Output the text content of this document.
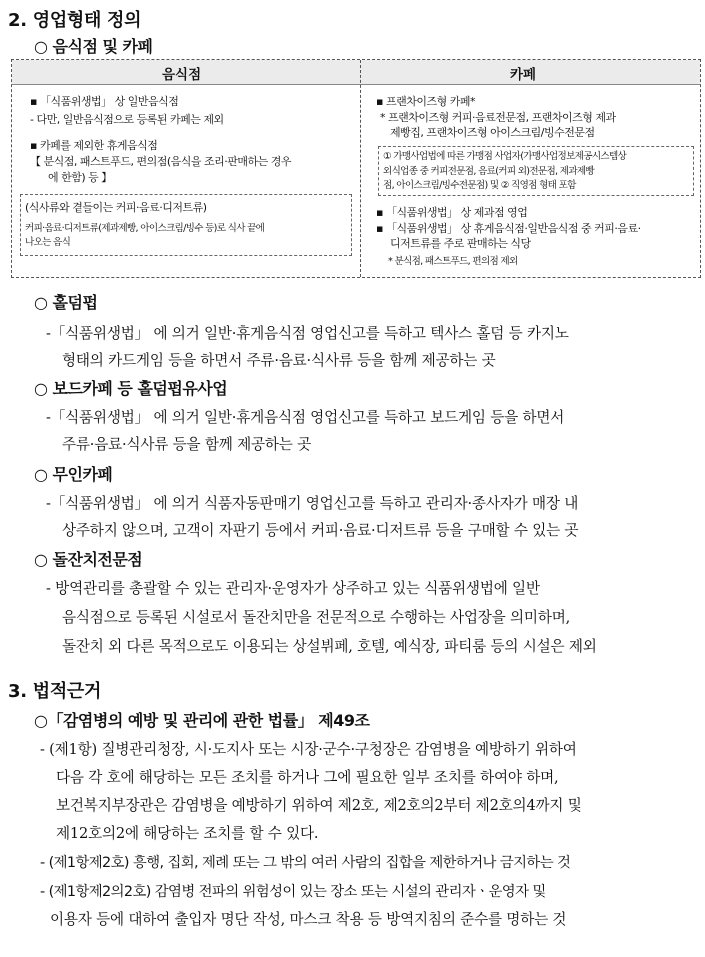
2. 영업형태 정의
○ 음식점 및 카페
음식점	카페
▪ 「식품위생법」 상 일반음식점
- 다만, 일반음식점으로 등록된 카페는 제외
▪ 카페를 제외한 휴게음식점
【 분식점, 패스트푸드, 편의점(음식을 조리·판매하는 경우
에 한함) 등 】
(식사류와 곁들이는 커피·음료·디저트류)
커피·음료·디저트류(제과제빵, 아이스크림/빙수 등)로 식사 끝에
나오는 음식
▪ 프랜차이즈형 카페*
* 프랜차이즈형 커피·음료전문점, 프랜차이즈형 제과
제빵집, 프랜차이즈형 아이스크림/빙수전문점
① 가맹사업법에 따른 가맹점 사업자(가맹사업정보제공시스템상
외식업종 중 커피전문점, 음료(커피 외)전문점, 제과제빵
점, 아이스크림/빙수전문점) 및 ② 직영점 형태 포함
▪ 「식품위생법」 상 제과점 영업
▪ 「식품위생법」 상 휴게음식점·일반음식점 중 커피·음료·
디저트류를 주로 판매하는 식당
* 분식점, 패스트푸드, 편의점 제외
○ 홀덤펍
-「식품위생법」 에 의거 일반·휴게음식점 영업신고를 득하고 텍사스 홀덤 등 카지노
형태의 카드게임 등을 하면서 주류·음료·식사류 등을 함께 제공하는 곳
○ 보드카페 등 홀덤펍유사업
-「식품위생법」 에 의거 일반·휴게음식점 영업신고를 득하고 보드게임 등을 하면서
주류·음료·식사류 등을 함께 제공하는 곳
○ 무인카페
-「식품위생법」 에 의거 식품자동판매기 영업신고를 득하고 관리자·종사자가 매장 내
상주하지 않으며, 고객이 자판기 등에서 커피·음료·디저트류 등을 구매할 수 있는 곳
○ 돌잔치전문점
- 방역관리를 총괄할 수 있는 관리자·운영자가 상주하고 있는 식품위생법에 일반
음식점으로 등록된 시설로서 돌잔치만을 전문적으로 수행하는 사업장을 의미하며,
돌잔치 외 다른 목적으로도 이용되는 상설뷔페, 호텔, 예식장, 파티룸 등의 시설은 제외
3. 법적근거
○「감염병의 예방 및 관리에 관한 법률」 제49조
- (제1항) 질병관리청장, 시·도지사 또는 시장·군수·구청장은 감염병을 예방하기 위하여
다음 각 호에 해당하는 모든 조치를 하거나 그에 필요한 일부 조치를 하여야 하며,
보건복지부장관은 감염병을 예방하기 위하여 제2호, 제2호의2부터 제2호의4까지 및
제12호의2에 해당하는 조치를 할 수 있다.
- (제1항제2호) 흥행, 집회, 제례 또는 그 밖의 여러 사람의 집합을 제한하거나 금지하는 것
- (제1항제2의2호) 감염병 전파의 위험성이 있는 장소 또는 시설의 관리자ㆍ운영자 및
이용자 등에 대하여 출입자 명단 작성, 마스크 착용 등 방역지침의 준수를 명하는 것
